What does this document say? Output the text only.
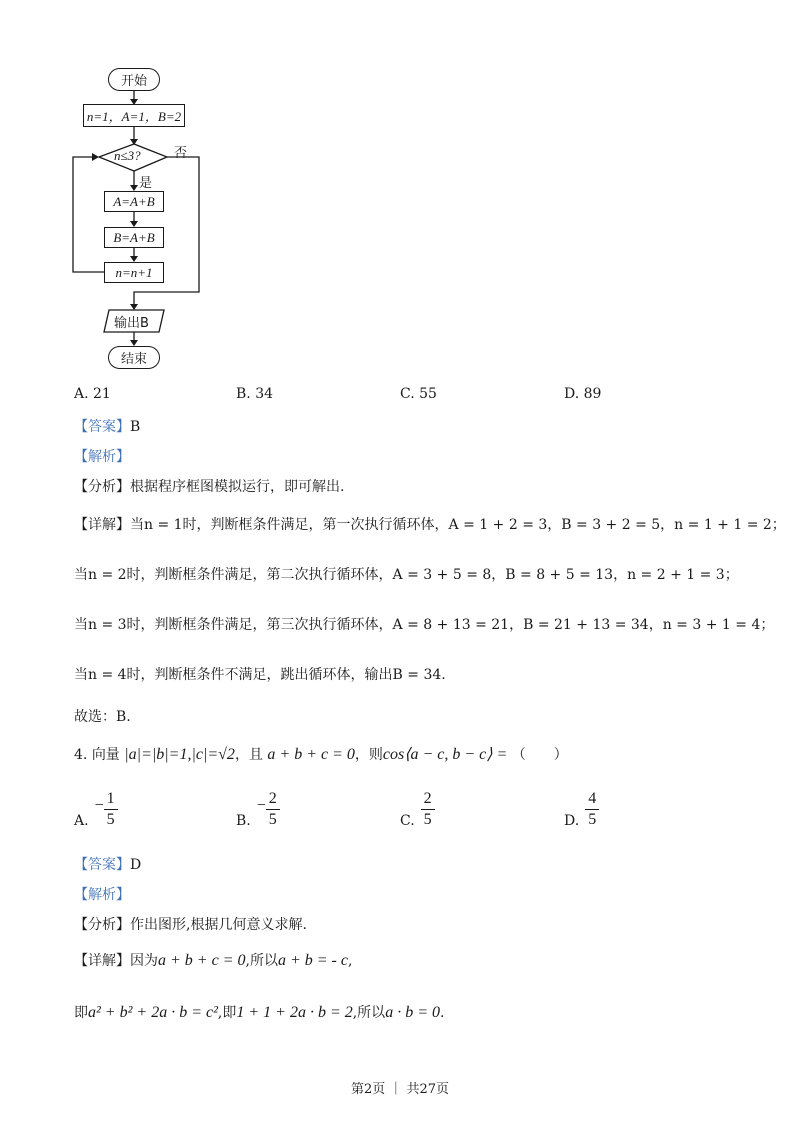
开始
n=1，A=1，B=2
n≤3?	否
是
A=A+B
B=A+B
n=n+1
输出B
结束
A. 21	B. 34	C. 55	D. 89
【答案】B
【解析】
【分析】根据程序框图模拟运行，即可解出.
【详解】当n = 1时，判断框条件满足，第一次执行循环体，A = 1 + 2 = 3，B = 3 + 2 = 5，n = 1 + 1 = 2；
当n = 2时，判断框条件满足，第二次执行循环体，A = 3 + 5 = 8，B = 8 + 5 = 13，n = 2 + 1 = 3；
当n = 3时，判断框条件满足，第三次执行循环体，A = 8 + 13 = 21，B = 21 + 13 = 34，n = 3 + 1 = 4；
当n = 4时，判断框条件不满足，跳出循环体，输出B = 34.
故选：B.
4. 向量 |a|=|b|=1,|c|=√2，且 a + b + c = 0，则cos⟨a − c, b − c⟩ = （　　）
A.
− $\frac{1}{5}$	B.
− $\frac{2}{5}$	C. $\frac{2}{5}$	D. $\frac{4}{5}$
【答案】D
【解析】
【分析】作出图形,根据几何意义求解.
【详解】因为a + b + c = 0,所以a + b = - c,
即a² + b² + 2a · b = c²,即1 + 1 + 2a · b = 2,所以a · b = 0.
第2页 ｜ 共27页
